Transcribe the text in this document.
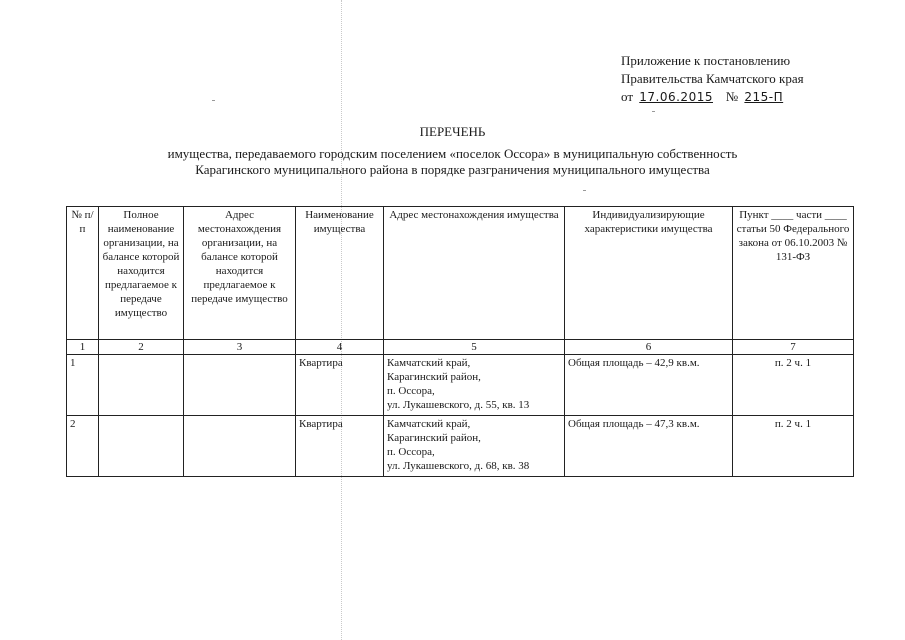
Приложение к постановлению
Правительства Камчатского края
от 17.06.2015 № 215-П
ПЕРЕЧЕНЬ
имущества, передаваемого городским поселением «поселок Оссора» в муниципальную собственность
Карагинского муниципального района в порядке разграничения муниципального имущества
№ п/п	Полное наименование организации, на балансе которой находится предлагаемое к передаче имущество	Адрес местонахождения организации, на балансе которой находится предлагаемое к передаче имущество	Наименование имущества	Адрес местонахождения имущества	Индивидуализирующие характеристики имущества	Пункт ____ части ____ статьи 50 Федерального закона от 06.10.2003 № 131-ФЗ
1	2	3	4	5	6	7
1			Квартира	Камчатский край,
Карагинский район,
п. Оссора,
ул. Лукашевского, д. 55, кв. 13	Общая площадь – 42,9 кв.м.	п. 2 ч. 1
2			Квартира	Камчатский край,
Карагинский район,
п. Оссора,
ул. Лукашевского, д. 68, кв. 38	Общая площадь – 47,3 кв.м.	п. 2 ч. 1
